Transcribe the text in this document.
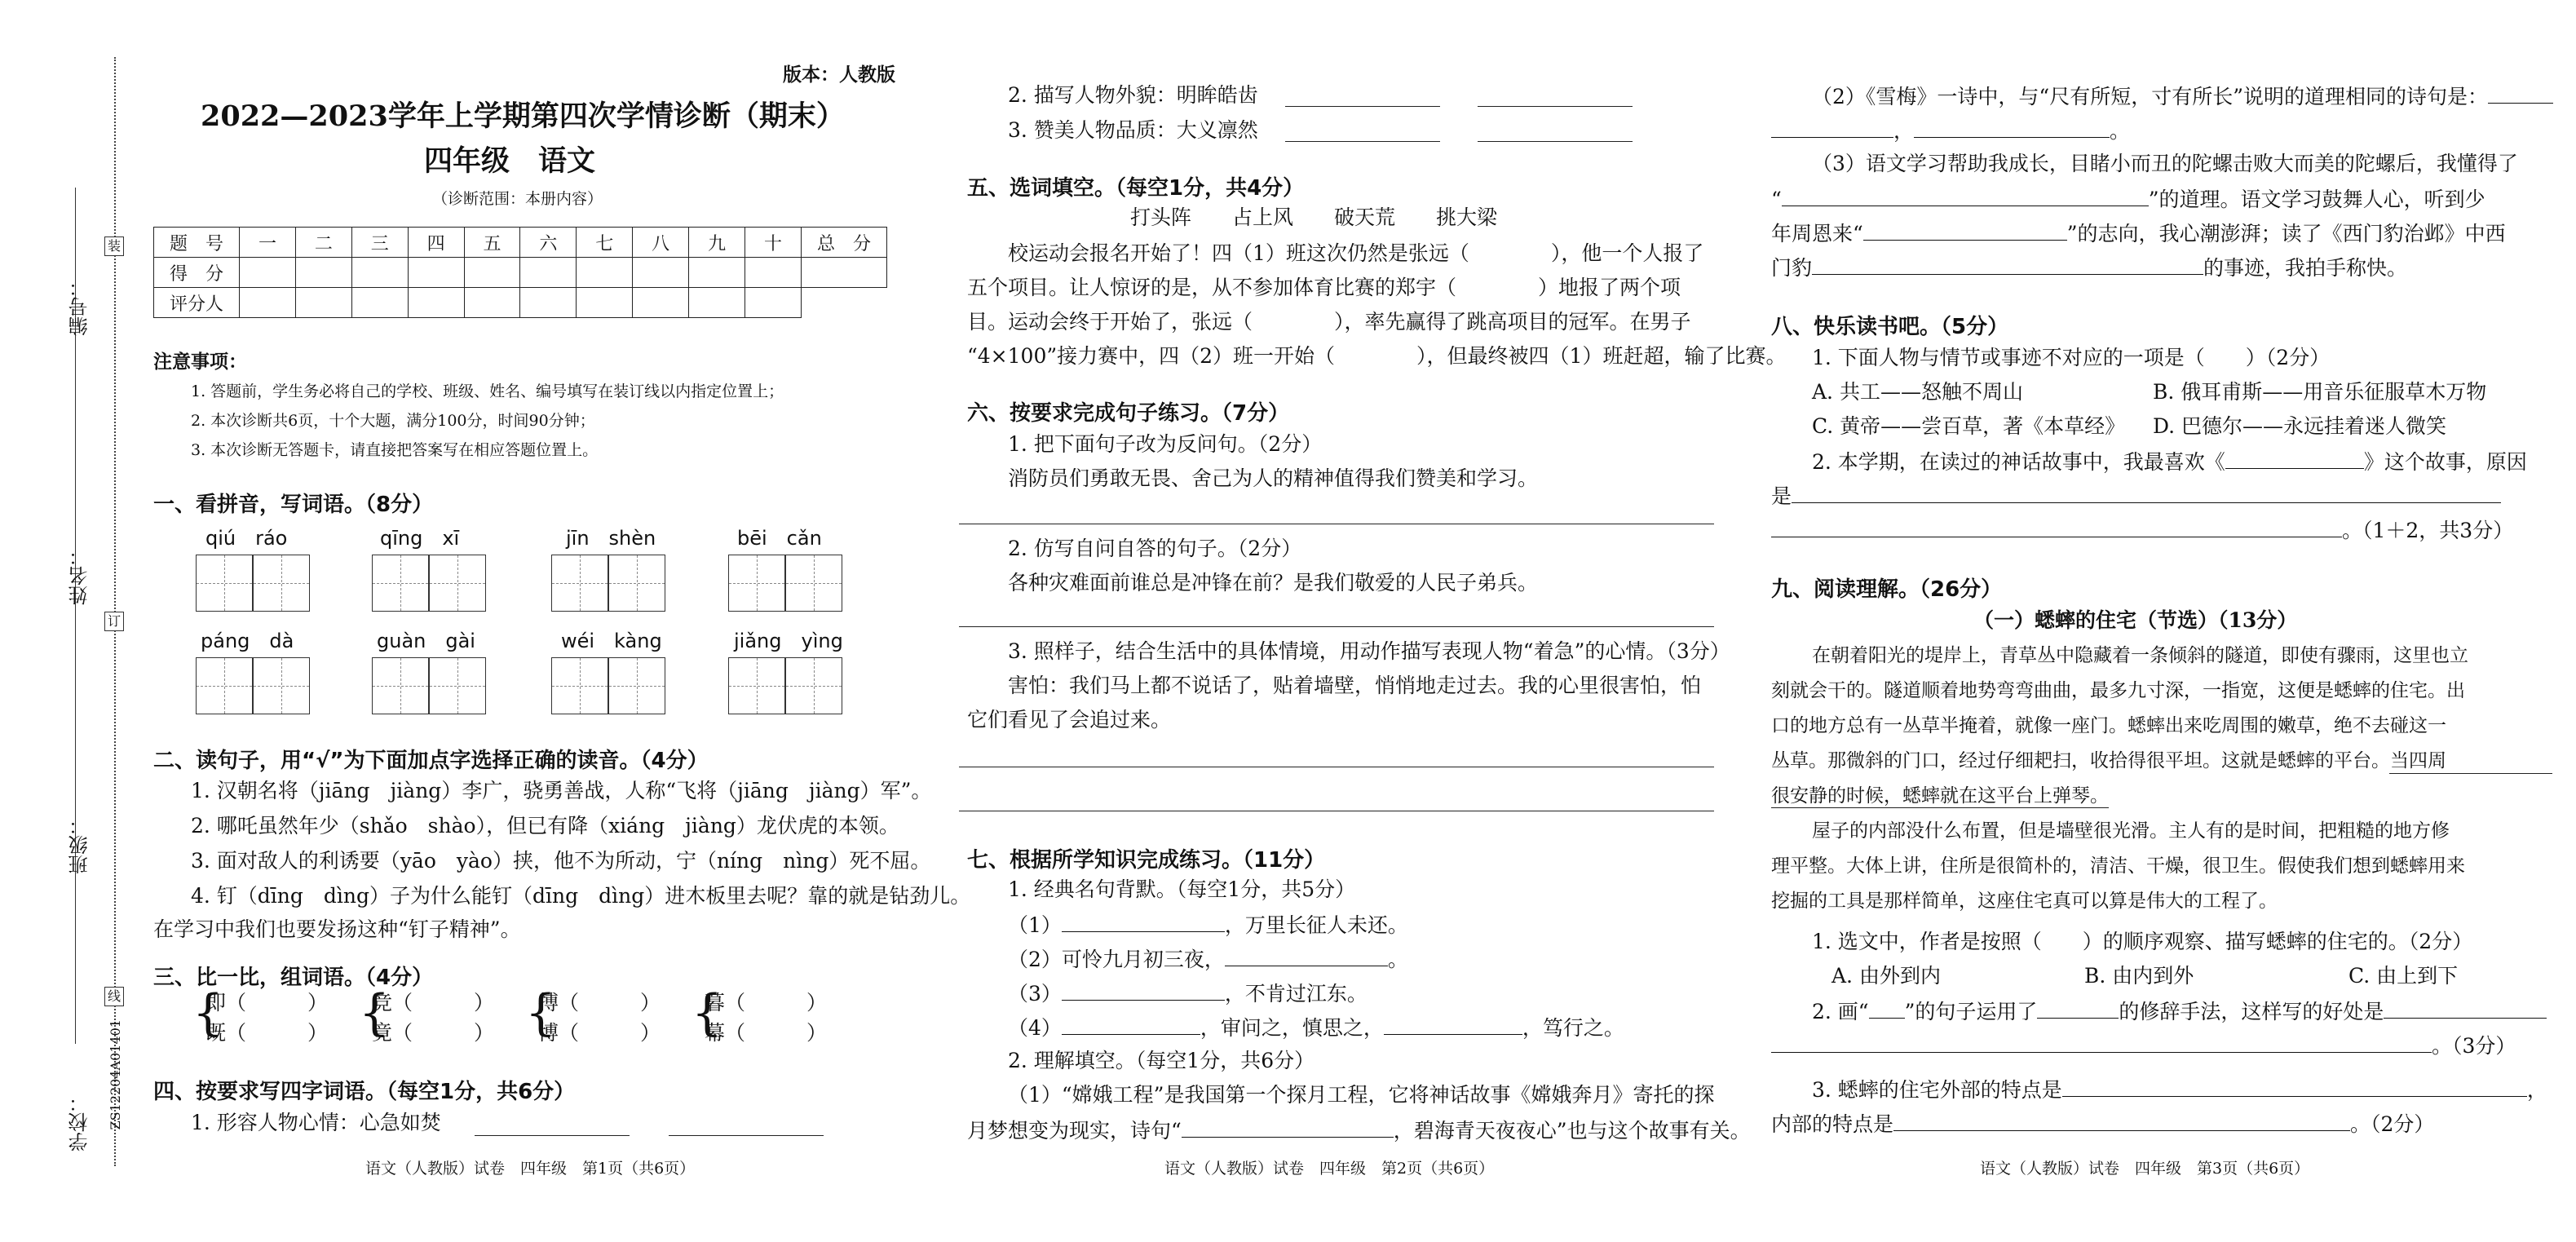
学校：
班级：
姓名：
编号：
装
订
线
ZS12204A01401
版本：人教版
2022—2023学年上学期第四次学情诊断（期末）
四年级　语文
（诊断范围：本册内容）
题　号	一	二	三	四	五	六	七	八	九	十	总　分
得　分											
评分人											
注意事项：
1. 答题前，学生务必将自己的学校、班级、姓名、编号填写在装订线以内指定位置上；
2. 本次诊断共6页，十个大题，满分100分，时间90分钟；
3. 本次诊断无答题卡，请直接把答案写在相应答题位置上。
一、看拼音，写词语。（8分）
qiú　ráo	qīng　xī	jīn　shèn	bēi　cǎn
páng　dà	guàn　gài	wéi　kàng	jiǎng　yìng
二、读句子，用“√”为下面加点字选择正确的读音。（4分）
1. 汉朝名将（jiāng　jiàng）李广，骁勇善战，人称“飞将（jiāng　jiàng）军”。
2. 哪吒虽然年少（shǎo　shào），但已有降（xiáng　jiàng）龙伏虎的本领。
3. 面对敌人的利诱要（yāo　yào）挟，他不为所动，宁（níng　nìng）死不屈。
4. 钉（dīng　dìng）子为什么能钉（dīng　dìng）进木板里去呢？靠的就是钻劲儿。
在学习中我们也要发扬这种“钉子精神”。
三、比一比，组词语。（4分）
{
即（　　　）
既（　　　） {
竞（　　　）
竟（　　　） {
搏（　　　）
博（　　　） {
暮（　　　）
幕（　　　）
四、按要求写四字词语。（每空1分，共6分）
1. 形容人物心情：心急如焚
语文（人教版）试卷　四年级　第1页（共6页）
2. 描写人物外貌：明眸皓齿
3. 赞美人物品质：大义凛然
五、选词填空。（每空1分，共4分）
打头阵　　占上风　　破天荒　　挑大梁
校运动会报名开始了！四（1）班这次仍然是张远（　　　　），他一个人报了
五个项目。让人惊讶的是，从不参加体育比赛的郑宇（　　　　）地报了两个项
目。运动会终于开始了，张远（　　　　），率先赢得了跳高项目的冠军。在男子
“4×100”接力赛中，四（2）班一开始（　　　　），但最终被四（1）班赶超，输了比赛。
六、按要求完成句子练习。（7分）
1. 把下面句子改为反问句。（2分）
消防员们勇敢无畏、舍己为人的精神值得我们赞美和学习。
2. 仿写自问自答的句子。（2分）
各种灾难面前谁总是冲锋在前？是我们敬爱的人民子弟兵。
3. 照样子，结合生活中的具体情境，用动作描写表现人物“着急”的心情。（3分）
害怕：我们马上都不说话了，贴着墙壁，悄悄地走过去。我的心里很害怕，怕
它们看见了会追过来。
七、根据所学知识完成练习。（11分）
1. 经典名句背默。（每空1分，共5分）
（1）	，万里长征人未还。
（2）可怜九月初三夜，	。
（3）	，不肯过江东。
（4）	，审问之，慎思之，	，笃行之。
2. 理解填空。（每空1分，共6分）
（1）“嫦娥工程”是我国第一个探月工程，它将神话故事《嫦娥奔月》寄托的探
月梦想变为现实，诗句“	，碧海青天夜夜心”也与这个故事有关。
语文（人教版）试卷　四年级　第2页（共6页）
（2）《雪梅》一诗中，与“尺有所短，寸有所长”说明的道理相同的诗句是：
，	。
（3）语文学习帮助我成长，目睹小而丑的陀螺击败大而美的陀螺后，我懂得了
“	”的道理。语文学习鼓舞人心，听到少
年周恩来“	”的志向，我心潮澎湃；读了《西门豹治邺》中西
门豹	的事迹，我拍手称快。
八、快乐读书吧。（5分）
1. 下面人物与情节或事迹不对应的一项是（　　）（2分）
A. 共工——怒触不周山	B. 俄耳甫斯——用音乐征服草木万物
C. 黄帝——尝百草，著《本草经》 D. 巴德尔——永远挂着迷人微笑
2. 本学期，在读过的神话故事中，我最喜欢《	》这个故事，原因
是
。（1＋2，共3分）
九、阅读理解。（26分）
（一）蟋蟀的住宅（节选）（13分）
在朝着阳光的堤岸上，青草丛中隐藏着一条倾斜的隧道，即使有骤雨，这里也立
刻就会干的。隧道顺着地势弯弯曲曲，最多九寸深，一指宽，这便是蟋蟀的住宅。出
口的地方总有一丛草半掩着，就像一座门。蟋蟀出来吃周围的嫩草，绝不去碰这一
丛草。那微斜的门口，经过仔细耙扫，收拾得很平坦。这就是蟋蟀的平台。当四周
很安静的时候，蟋蟀就在这平台上弹琴。
屋子的内部没什么布置，但是墙壁很光滑。主人有的是时间，把粗糙的地方修
理平整。大体上讲，住所是很简朴的，清洁、干燥，很卫生。假使我们想到蟋蟀用来
挖掘的工具是那样简单，这座住宅真可以算是伟大的工程了。
1. 选文中，作者是按照（　　）的顺序观察、描写蟋蟀的住宅的。（2分）
A. 由外到内	B. 由内到外	C. 由上到下
2. 画“ ”的句子运用了	的修辞手法，这样写的好处是
。（3分）
3. 蟋蟀的住宅外部的特点是	，
内部的特点是	。（2分）
语文（人教版）试卷　四年级　第3页（共6页）
